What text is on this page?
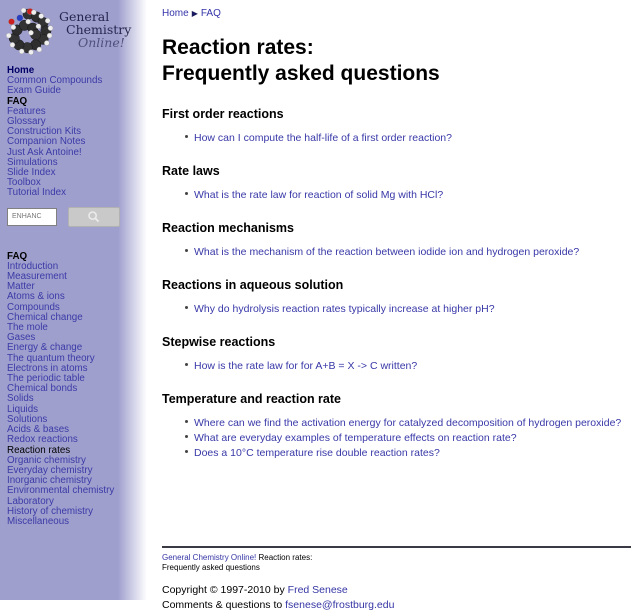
General
Chemistry
Online!
Home
Common Compounds
Exam Guide
FAQ
Features
Glossary
Construction Kits
Companion Notes
Just Ask Antoine!
Simulations
Slide Index
Toolbox
Tutorial Index
ENHANC
FAQ
Introduction
Measurement
Matter
Atoms & ions
Compounds
Chemical change
The mole
Gases
Energy & change
The quantum theory
Electrons in atoms
The periodic table
Chemical bonds
Solids
Liquids
Solutions
Acids & bases
Redox reactions
Reaction rates
Organic chemistry
Everyday chemistry
Inorganic chemistry
Environmental chemistry
Laboratory
History of chemistry
Miscellaneous
Home ▶ FAQ
Reaction rates:
Frequently asked questions
First order reactions
How can I compute the half-life of a first order reaction?
Rate laws
What is the rate law for reaction of solid Mg with HCl?
Reaction mechanisms
What is the mechanism of the reaction between iodide ion and hydrogen peroxide?
Reactions in aqueous solution
Why do hydrolysis reaction rates typically increase at higher pH?
Stepwise reactions
How is the rate law for for A+B = X -> C written?
Temperature and reaction rate
Where can we find the activation energy for catalyzed decomposition of hydrogen peroxide?
What are everyday examples of temperature effects on reaction rate?
Does a 10°C temperature rise double reaction rates?
General Chemistry Online! Reaction rates:
Frequently asked questions
Copyright © 1997-2010 by Fred Senese
Comments & questions to fsenese@frostburg.edu
